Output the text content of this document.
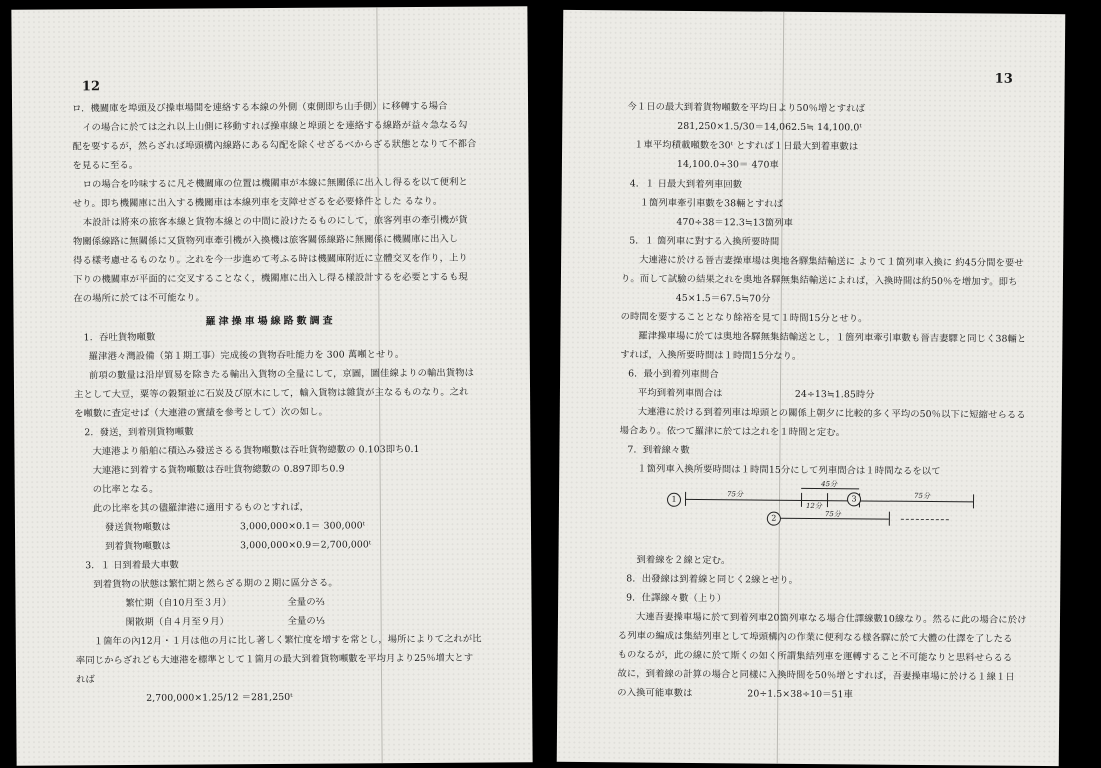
12
ロ．機關庫を埠頭及び操車場間を連絡する本線の外側（東側即ち山手側）に移轉する場合
イの場合に於ては之れ以上山側に移動すれば操車線と埠頭とを連絡する線路が益々急なる勾
配を要するが，然らざれば埠頭構內線路にある勾配を除くせざるべからざる狀態となりて不都合
を見るに至る。
ロの場合を吟味するに凡そ機關庫の位置は機關車が本線に無關係に出入し得るを以て便利と
せり。即ち機關庫に出入する機關車は本線列車を支障せざるを必要條件とした るなり。
本設計は將來の旅客本線と貨物本線との中間に設けたるものにして，旅客列車の牽引機が貨
物關係線路に無關係に又貨物列車牽引機が入換機は旅客關係線路に無關係に機關庫に出入し
得る樣考慮せるものなり。之れを今一步進めて考ふる時は機關庫附近に立體交叉を作り，上り
下りの機關車が平面的に交叉することなく，機關庫に出入し得る樣設計するを必要とするも現
在の場所に於ては不可能なり。
1．吞吐貨物噸數
羅津港々灣設備（第１期工事）完成後の貨物吞吐能力を 300 萬噸とせり。
前項の數量は沿岸貿易を除きたる輸出入貨物の全量にして，京圖，圖佳線よりの輸出貨物は
主として大豆，粟等の穀類並に石炭及び原木にして，輸入貨物は雜貨が主なるものなり。之れ
を噸數に査定せば（大連港の實績を參考として）次の如し。
2．發送，到着別貨物噸數
大連港より船舶に積込み發送さるる貨物噸數は吞吐貨物總數の 0.103即ち0.1
大連港に到着する貨物噸數は吞吐貨物總數の 0.897即ち0.9
の比率となる。
此の比率を其の儘羅津港に適用するものとすれば，
發送貨物噸數は	3,000,000×0.1＝ 300,000ᵗ
到着貨物噸數は	3,000,000×0.9＝2,700,000ᵗ
3．１ 日到着最大車數
到着貨物の狀態は繁忙期と然らざる期の２期に區分さる。
繁忙期（自10月至３月）	全量の⅔
閑散期（自４月至９月）	全量の⅓
１箇年の內12月・１月は他の月に比し著しく繁忙度を增すを常とし，場所によりて之れが比
率同じからざれども大連港を標準として１箇月の最大到着貨物噸數を平均月より25％增大とす
れば
2,700,000×1.25/12 ＝281,250ᵗ
羅津操車場線路數調査
13
今１日の最大到着貨物噸數を平均日より50％增とすれば
281,250×1.5/30＝14,062.5≒ 14,100.0ᵗ
１車平均積載噸數を30ᵗ とすれば１日最大到着車數は
14,100.0÷30＝ 470車
4．１ 日最大到着列車回數
１箇列車牽引車數を38輛とすれば
470÷38＝12.3≒13箇列車
5．１ 箇列車に對する入換所要時間
大連港に於ける晉吉妻操車場は奥地各驛集結輸送に よりて１箇列車入換に 約45分間を要せ
り。而して試驗の結果之れを奥地各驛無集結輸送によれば，入換時間は約50％を增加す。即ち
45×1.5＝67.5≒70分
の時間を要することとなり餘裕を見て１時間15分とせり。
羅津操車場に於ては奥地各驛無集結輸送とし，１箇列車牽引車數も晉吉妻驛と同じく38輛と
すれば，入換所要時間は１時間15分なり。
6．最小到着列車間合
平均到着列車間合は	24÷13≒1.85時分
大連港に於ける到着列車は埠頭との關係上朝夕に比較的多く平均の50％以下に短縮せらるる
場合あり。依つて羅津に於ては之れを１時間と定む。
7．到着線々數
１箇列車入換所要時間は１時間15分にして列車間合は１時間なるを以て
到着線を２線と定む。
8．出發線は到着線と同じく2線とせり。
9．仕譯線々數（上り）
大連吾妻操車場に於て到着列車20箇列車なる場合仕譯線數10線なり。然るに此の場合に於け
る列車の編成は集結列車として埠頭構內の作業に便利なる様各驛に於て大體の仕譯を了したる
ものなるが，此の線に於て斯くの如く所謂集結列車を運轉すること不可能なりと思料せらるる
故に，到着線の計算の場合と同樣に入換時間を50％增とすれば，吾妻操車場に於ける１線１日
の入換可能車數は	20÷1.5×38÷10＝51車
1
2
3
75分
12分
45分
75分
75分
